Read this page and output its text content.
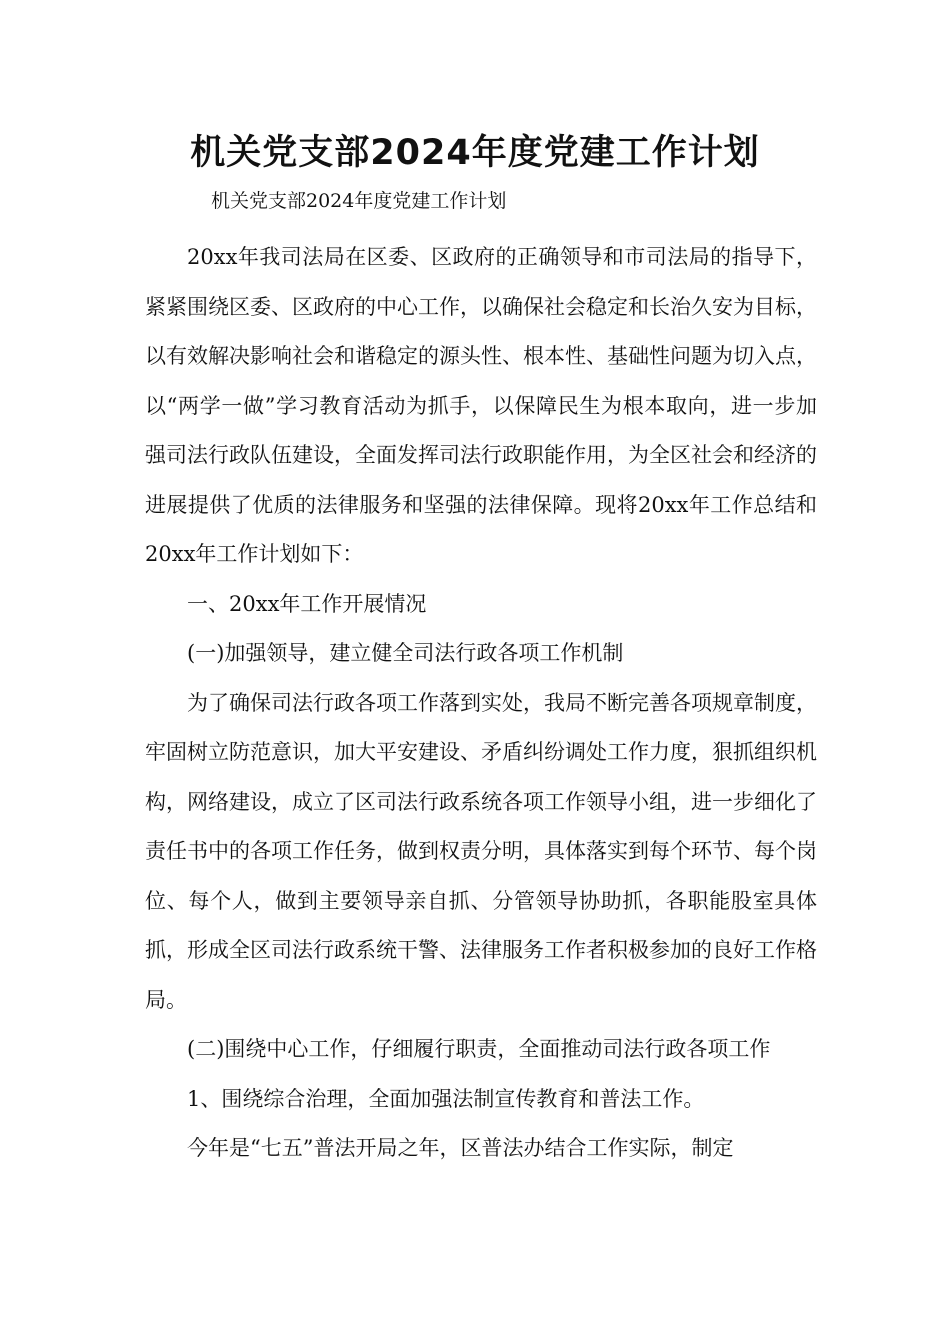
机关党支部2024年度党建工作计划
机关党支部2024年度党建工作计划

20xx年我司法局在区委、区政府的正确领导和市司法局的指导下，紧紧围绕区委、区政府的中心工作，以确保社会稳定和长治久安为目标，以有效解决影响社会和谐稳定的源头性、根本性、基础性问题为切入点，以“两学一做”学习教育活动为抓手，以保障民生为根本取向，进一步加强司法行政队伍建设，全面发挥司法行政职能作用，为全区社会和经济的进展提供了优质的法律服务和坚强的法律保障。现将20xx年工作总结和20xx年工作计划如下：

一、20xx年工作开展情况

(一)加强领导，建立健全司法行政各项工作机制

为了确保司法行政各项工作落到实处，我局不断完善各项规章制度，牢固树立防范意识，加大平安建设、矛盾纠纷调处工作力度，狠抓组织机构，网络建设，成立了区司法行政系统各项工作领导小组，进一步细化了责任书中的各项工作任务，做到权责分明，具体落实到每个环节、每个岗位、每个人，做到主要领导亲自抓、分管领导协助抓，各职能股室具体抓，形成全区司法行政系统干警、法律服务工作者积极参加的良好工作格局。

(二)围绕中心工作，仔细履行职责，全面推动司法行政各项工作

1、围绕综合治理，全面加强法制宣传教育和普法工作。

今年是“七五”普法开局之年，区普法办结合工作实际，制定
